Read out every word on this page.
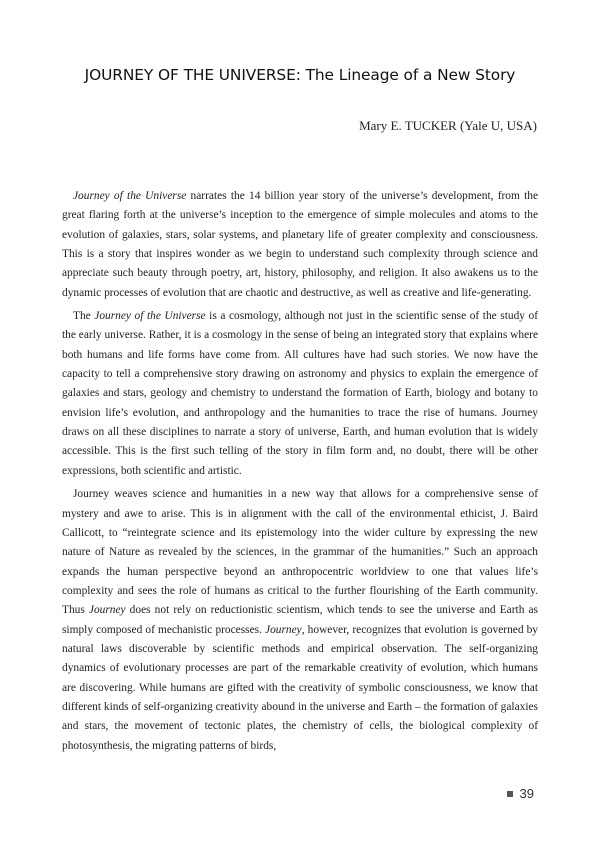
JOURNEY OF THE UNIVERSE: The Lineage of a New Story
Mary E. TUCKER (Yale U, USA)

Journey of the Universe narrates the 14 billion year story of the universe’s development, from the great flaring forth at the universe’s inception to the emergence of simple molecules and atoms to the evolution of galaxies, stars, solar systems, and planetary life of greater complexity and consciousness. This is a story that inspires wonder as we begin to understand such complexity through science and appreciate such beauty through poetry, art, history, philosophy, and religion. It also awakens us to the dynamic processes of evolution that are chaotic and destructive, as well as creative and life-generating.

The Journey of the Universe is a cosmology, although not just in the scientific sense of the study of the early universe. Rather, it is a cosmology in the sense of being an integrated story that explains where both humans and life forms have come from. All cultures have had such stories. We now have the capacity to tell a comprehensive story drawing on astronomy and physics to explain the emergence of galaxies and stars, geology and chemistry to understand the formation of Earth, biology and botany to envision life’s evolution, and anthropology and the humanities to trace the rise of humans. Journey draws on all these disciplines to narrate a story of universe, Earth, and human evolution that is widely accessible. This is the first such telling of the story in film form and, no doubt, there will be other expressions, both scientific and artistic.

Journey weaves science and humanities in a new way that allows for a comprehensive sense of mystery and awe to arise. This is in alignment with the call of the environmental ethicist, J. Baird Callicott, to “reintegrate science and its epistemology into the wider culture by expressing the new nature of Nature as revealed by the sciences, in the grammar of the humanities.” Such an approach expands the human perspective beyond an anthropocentric worldview to one that values life’s complexity and sees the role of humans as critical to the further flourishing of the Earth community. Thus Journey does not rely on reductionistic scientism, which tends to see the universe and Earth as simply composed of mechanistic processes. Journey, however, recognizes that evolution is governed by natural laws discoverable by scientific methods and empirical observation. The self-organizing dynamics of evolutionary processes are part of the remarkable creativity of evolution, which humans are discovering. While humans are gifted with the creativity of symbolic consciousness, we know that different kinds of self-organizing creativity abound in the universe and Earth – the formation of galaxies and stars, the movement of tectonic plates, the chemistry of cells, the biological complexity of photosynthesis, the migrating patterns of birds,

39
